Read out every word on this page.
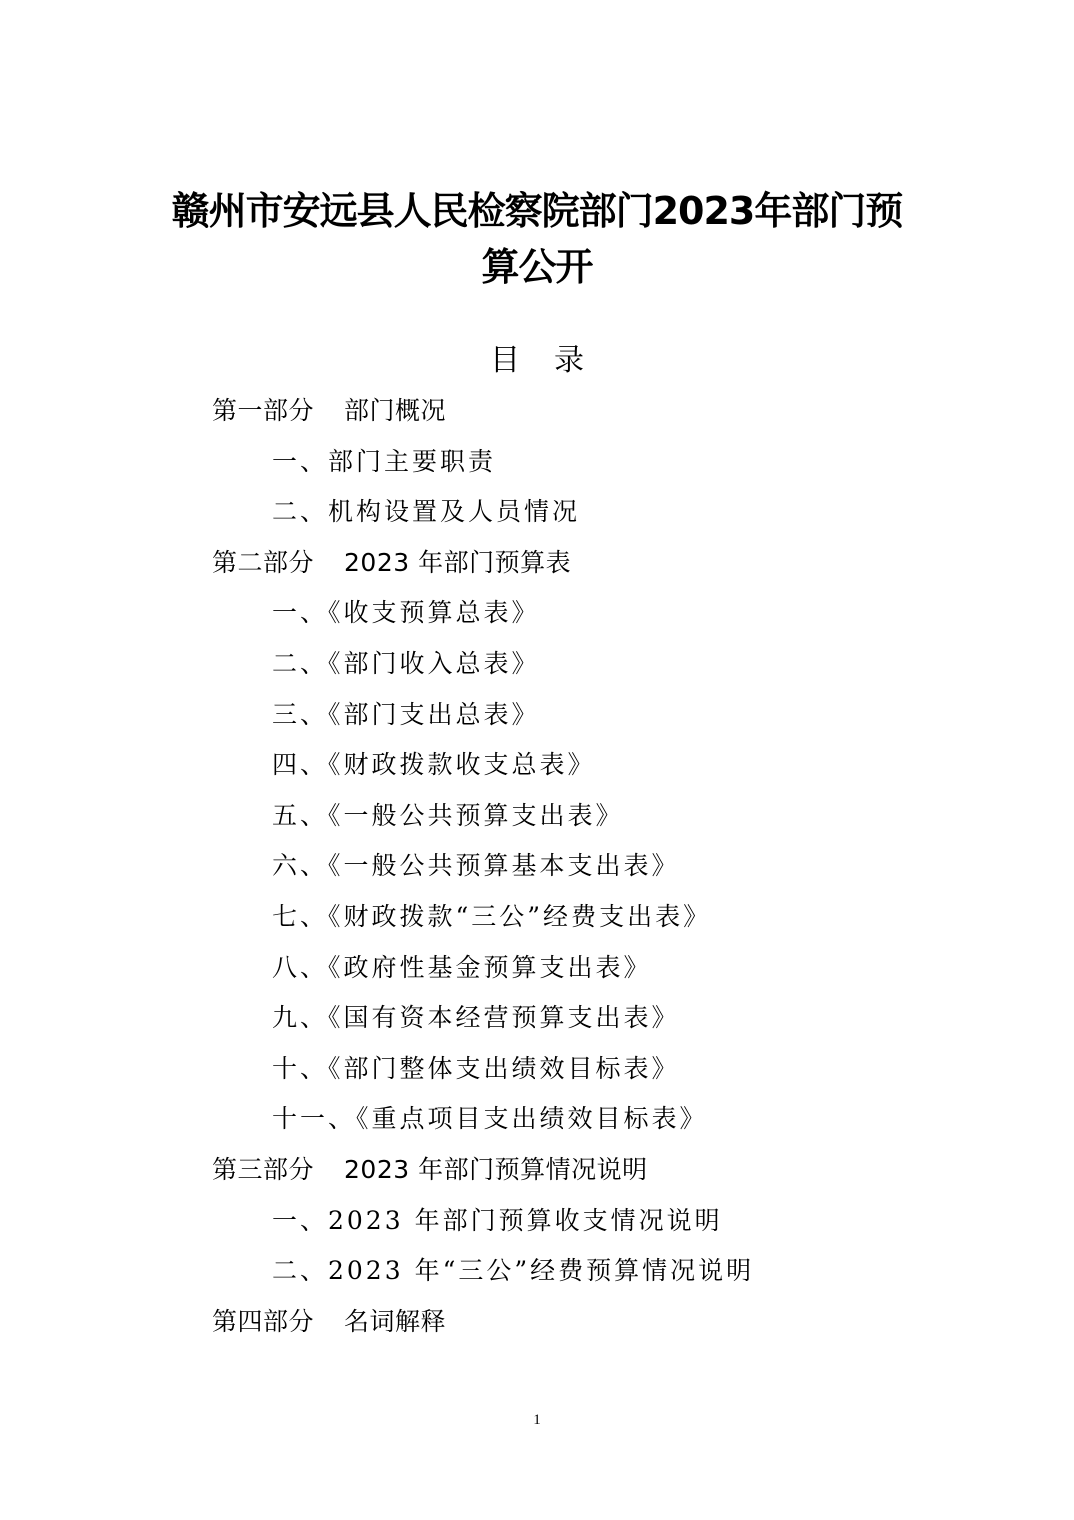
赣州市安远县人民检察院部门2023年部门预
算公开
目录
第一部分 部门概况
一、部门主要职责
二、机构设置及人员情况
第二部分 2023 年部门预算表
一、《收支预算总表》
二、《部门收入总表》
三、《部门支出总表》
四、《财政拨款收支总表》
五、《一般公共预算支出表》
六、《一般公共预算基本支出表》
七、《财政拨款“三公”经费支出表》
八、《政府性基金预算支出表》
九、《国有资本经营预算支出表》
十、《部门整体支出绩效目标表》
十一、《重点项目支出绩效目标表》
第三部分 2023 年部门预算情况说明
一、2023 年部门预算收支情况说明
二、2023 年“三公”经费预算情况说明
第四部分 名词解释
1
